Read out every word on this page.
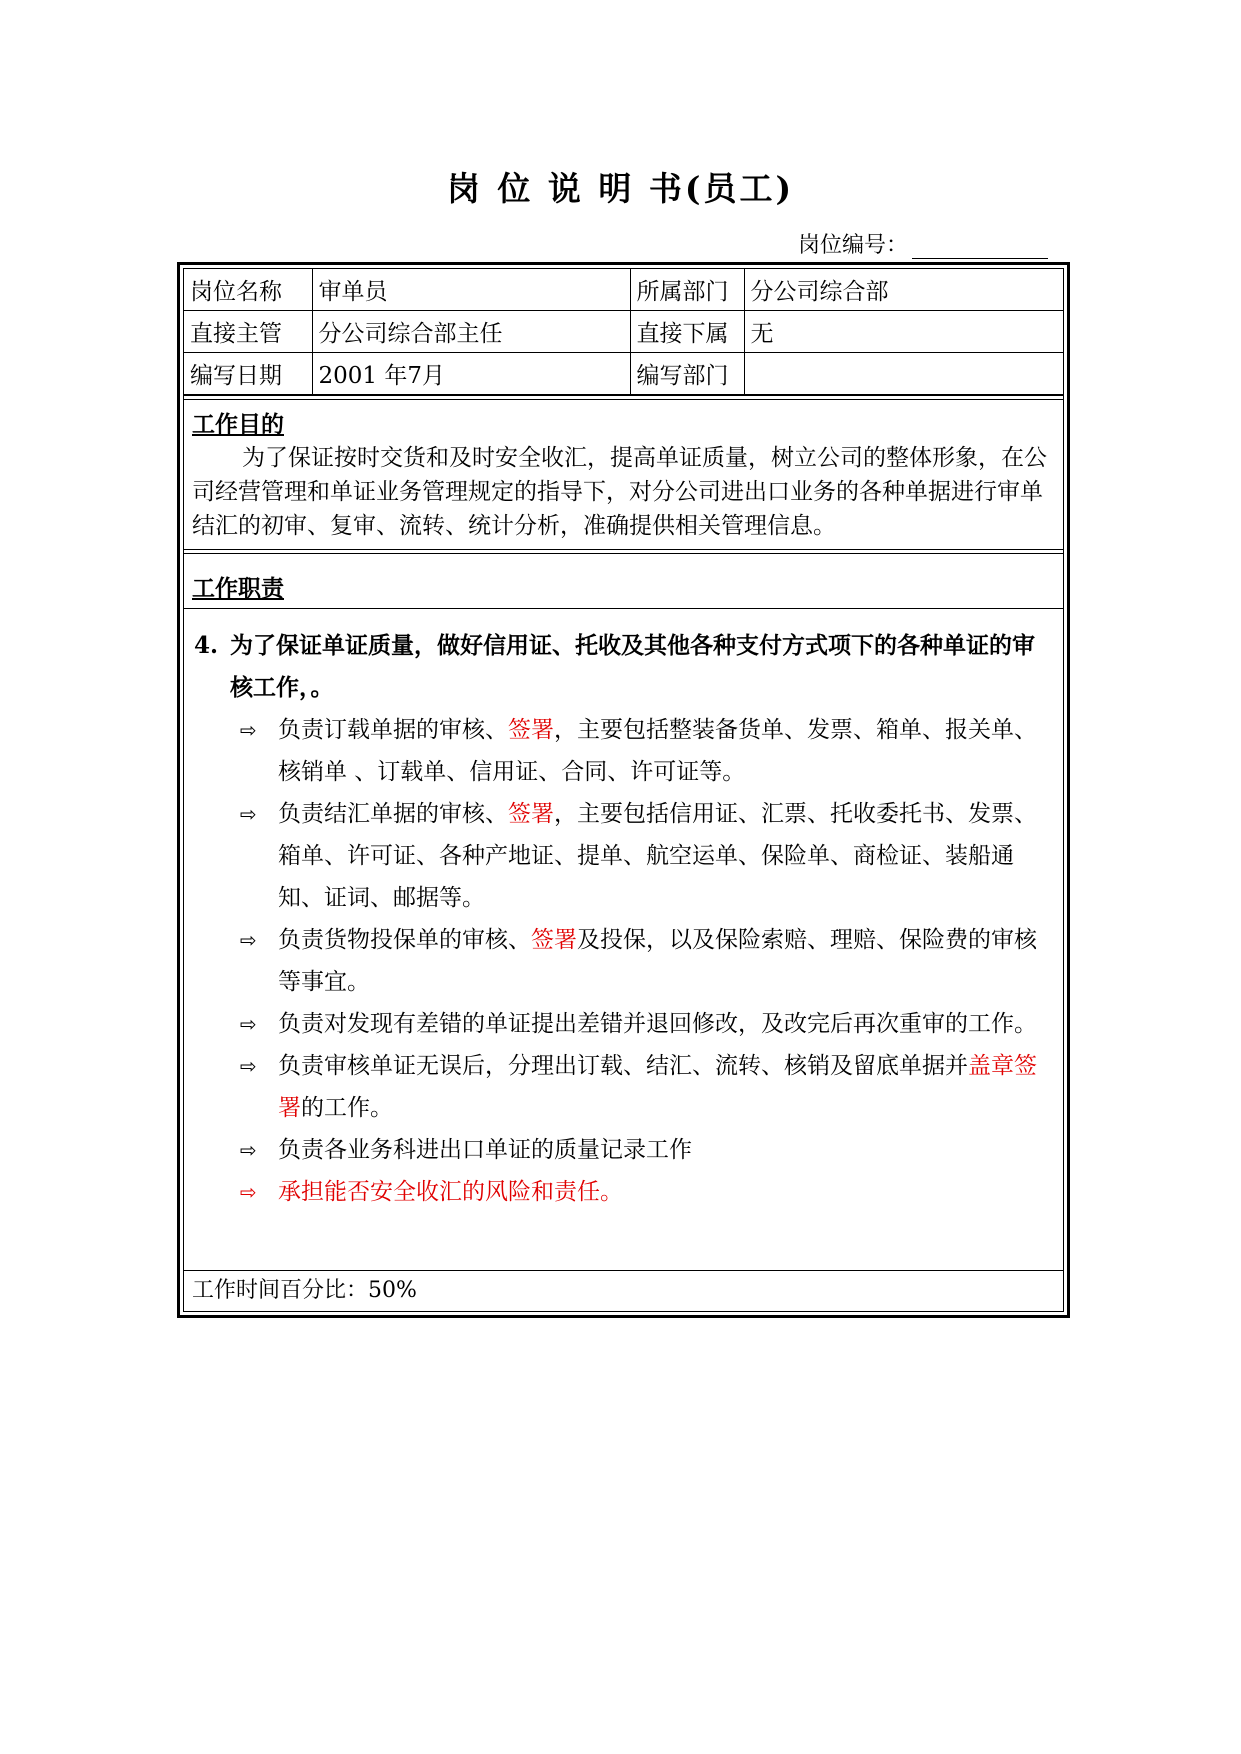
岗 位 说 明 书(员工)
岗位编号：
岗位名称	审单员	所属部门	分公司综合部
直接主管	分公司综合部主任	直接下属	无
编写日期	2001 年7月	编写部门	
工作目的

为了保证按时交货和及时安全收汇，提高单证质量，树立公司的整体形象，在公司经营管理和单证业务管理规定的指导下，对分公司进出口业务的各种单据进行审单结汇的初审、复审、流转、统计分析，准确提供相关管理信息。

工作职责
4. 为了保证单证质量，做好信用证、托收及其他各种支付方式项下的各种单证的审核工作，。
⇨ 负责订载单据的审核、签署，主要包括整装备货单、发票、箱单、报关单、核销单 、订载单、信用证、合同、许可证等。
⇨ 负责结汇单据的审核、签署，主要包括信用证、汇票、托收委托书、发票、箱单、许可证、各种产地证、提单、航空运单、保险单、商检证、装船通知、证词、邮据等。
⇨ 负责货物投保单的审核、签署及投保，以及保险索赔、理赔、保险费的审核等事宜。
⇨ 负责对发现有差错的单证提出差错并退回修改，及改完后再次重审的工作。
⇨ 负责审核单证无误后，分理出订载、结汇、流转、核销及留底单据并盖章签署的工作。
⇨ 负责各业务科进出口单证的质量记录工作
⇨ 承担能否安全收汇的风险和责任。
工作时间百分比：50%
